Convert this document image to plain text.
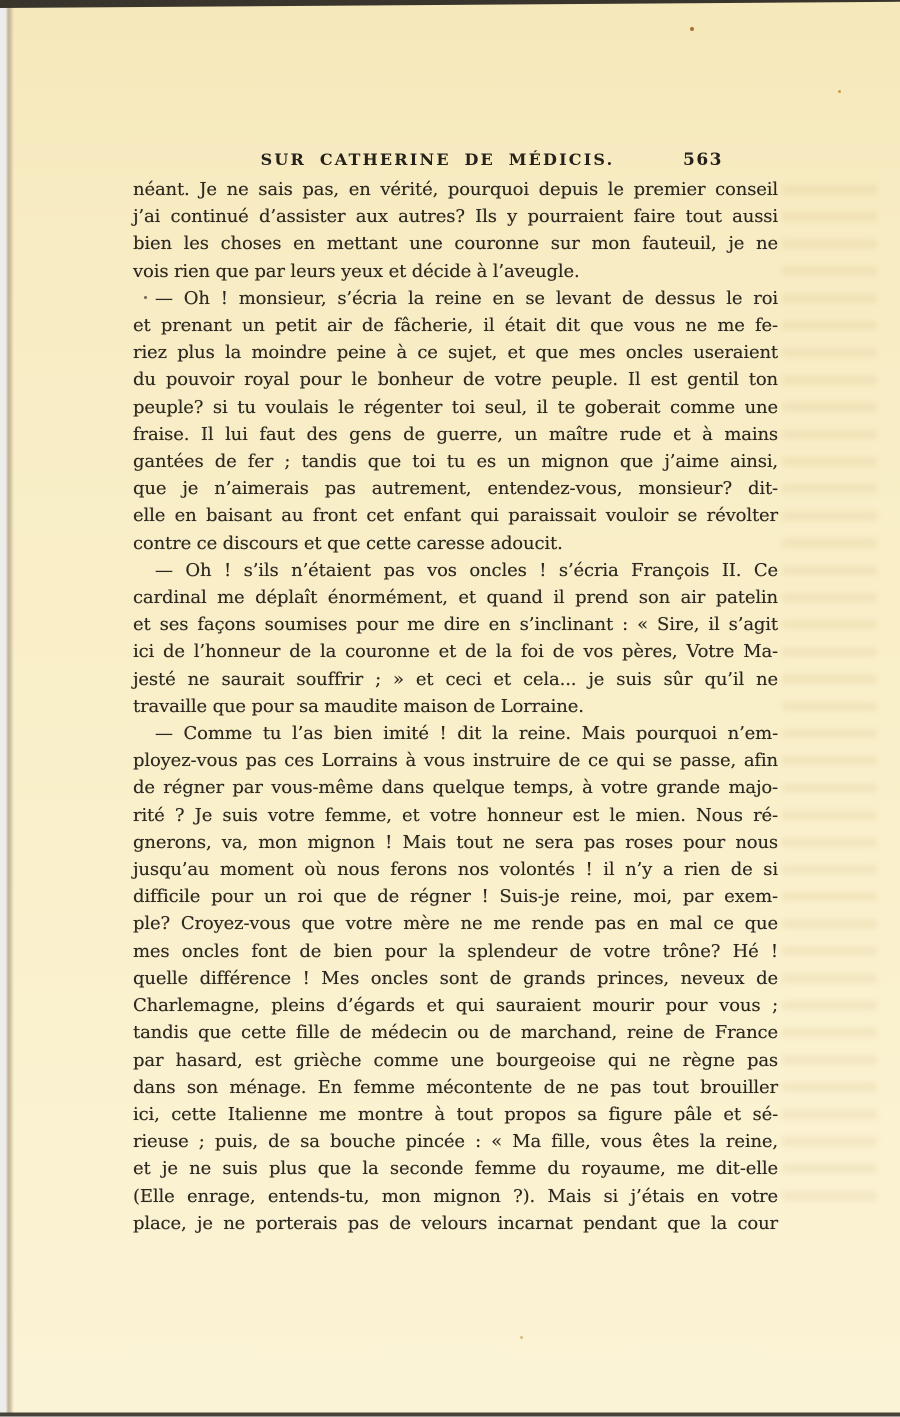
SUR CATHERINE DE MÉDICIS.	563
néant. Je ne sais pas, en vérité, pourquoi depuis le premier conseil
j’ai continué d’assister aux autres? Ils y pourraient faire tout aussi
bien les choses en mettant une couronne sur mon fauteuil, je ne
vois rien que par leurs yeux et décide à l’aveugle.
— Oh ! monsieur, s’écria la reine en se levant de dessus le roi
et prenant un petit air de fâcherie, il était dit que vous ne me fe-
riez plus la moindre peine à ce sujet, et que mes oncles useraient
du pouvoir royal pour le bonheur de votre peuple. Il est gentil ton
peuple? si tu voulais le régenter toi seul, il te goberait comme une
fraise. Il lui faut des gens de guerre, un maître rude et à mains
gantées de fer ; tandis que toi tu es un mignon que j’aime ainsi,
que je n’aimerais pas autrement, entendez-vous, monsieur? dit-
elle en baisant au front cet enfant qui paraissait vouloir se révolter
contre ce discours et que cette caresse adoucit.
— Oh ! s’ils n’étaient pas vos oncles ! s’écria François II. Ce
cardinal me déplaît énormément, et quand il prend son air patelin
et ses façons soumises pour me dire en s’inclinant : « Sire, il s’agit
ici de l’honneur de la couronne et de la foi de vos pères, Votre Ma-
jesté ne saurait souffrir ; » et ceci et cela... je suis sûr qu’il ne
travaille que pour sa maudite maison de Lorraine.
— Comme tu l’as bien imité ! dit la reine. Mais pourquoi n’em-
ployez-vous pas ces Lorrains à vous instruire de ce qui se passe, afin
de régner par vous-même dans quelque temps, à votre grande majo-
rité ? Je suis votre femme, et votre honneur est le mien. Nous ré-
gnerons, va, mon mignon ! Mais tout ne sera pas roses pour nous
jusqu’au moment où nous ferons nos volontés ! il n’y a rien de si
difficile pour un roi que de régner ! Suis-je reine, moi, par exem-
ple? Croyez-vous que votre mère ne me rende pas en mal ce que
mes oncles font de bien pour la splendeur de votre trône? Hé !
quelle différence ! Mes oncles sont de grands princes, neveux de
Charlemagne, pleins d’égards et qui sauraient mourir pour vous ;
tandis que cette fille de médecin ou de marchand, reine de France
par hasard, est grièche comme une bourgeoise qui ne règne pas
dans son ménage. En femme mécontente de ne pas tout brouiller
ici, cette Italienne me montre à tout propos sa figure pâle et sé-
rieuse ; puis, de sa bouche pincée : « Ma fille, vous êtes la reine,
et je ne suis plus que la seconde femme du royaume, me dit-elle
(Elle enrage, entends-tu, mon mignon ?). Mais si j’étais en votre
place, je ne porterais pas de velours incarnat pendant que la cour
